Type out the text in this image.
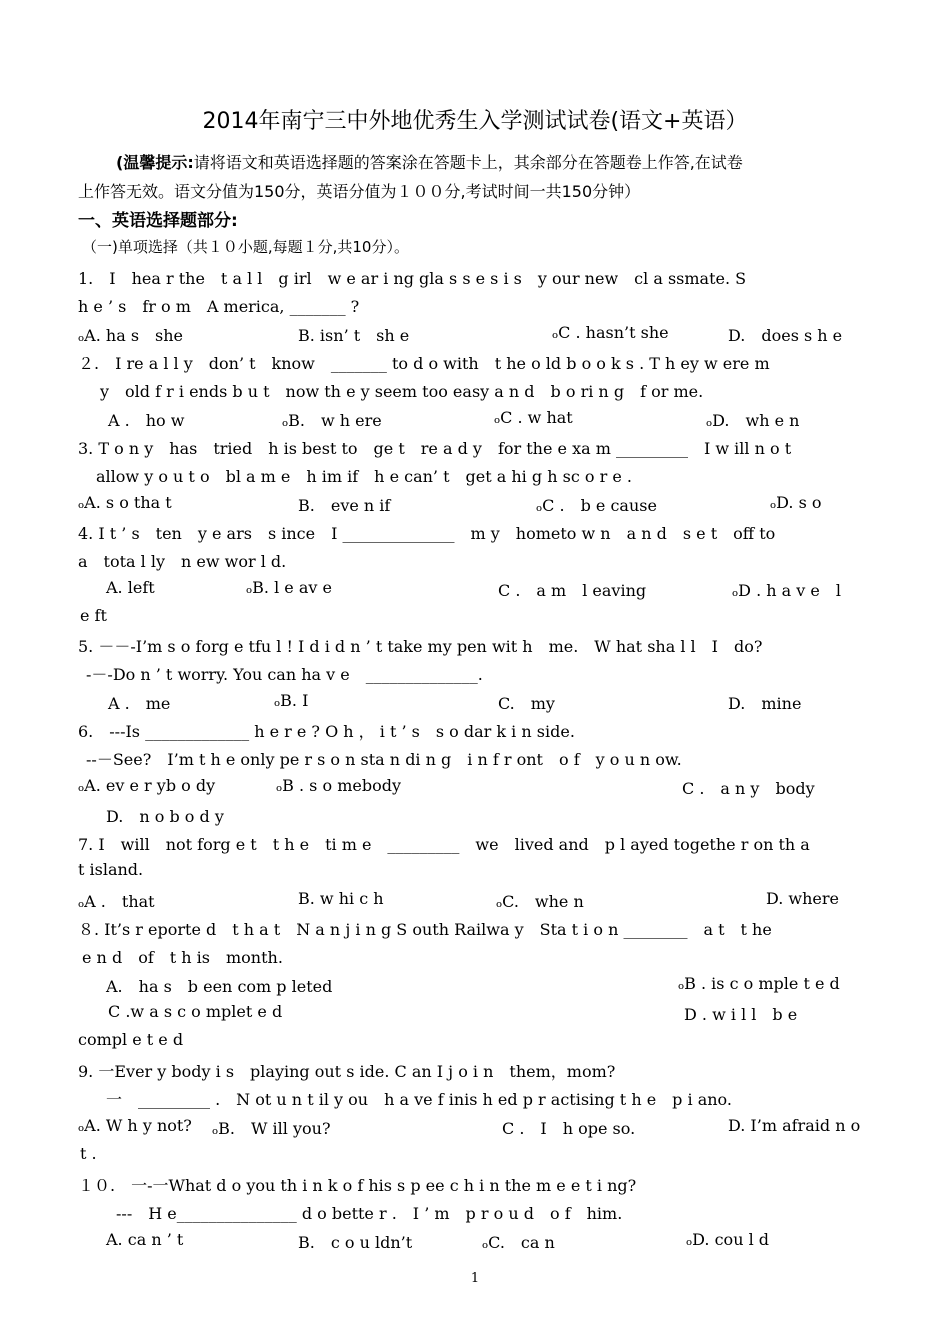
2014年南宁三中外地优秀生入学测试试卷(语文+英语）
(温馨提示:请将语文和英语选择题的答案涂在答题卡上，其余部分在答题卷上作答,在试卷
上作答无效。语文分值为150分，英语分值为１００分,考试时间一共150分钟）
一、英语选择题部分:
（一)单项选择（共１０小题,每题１分,共10分）。
1.　I　hea r the　t a l l　g irl　w e ar i ng gla s s e s i s　y our new　cl a ssmate. S
h e ’ s　fr o m　A merica, _______ ?
ₒA. ha s　she	B. isn’ t　sh e	ₒC . hasn’t she	D.　does s h e
２.　I re a l l y　don’ t　know　_______ to d o with　t he o ld b o o k s . T h ey w ere m
y　old f r i ends b u t　now th e y seem too easy a n d　b o ri n g　f or me.
A .　ho w	ₒB.　w h ere	ₒC . w hat	ₒD.　wh e n
3. T o n y　has　tried　h is best to　ge t　re a d y　for the e xa m _________　I w ill n o t
allow y o u t o　bl a m e　h im if　h e can’ t　get a hi g h sc o r e .
ₒA. s o tha t	B.　eve n if	ₒC .　b e cause	ₒD. s o
4. I t ’ s　ten　y e ars　s ince　I ______________　m y　hometo w n　a n d　s e t　off to
a　tota l ly　n ew wor l d.
A. left	ₒB. l e av e	C .　a m　l eaving	ₒD . h a v e　l
e ft
5. －－-I’m s o forg e tfu l ! I d i d n ’ t take my pen wit h　me.　W hat sha l l　I　do?
-－-Do n ’ t worry. You can ha v e　______________.
A .　me	ₒB. I	C.　my	D.　mine
6.　---Is _____________ h e r e ? O h ， i t ’ s　s o dar k i n side.
--－See?　I’m t h e only pe r s o n sta n di n g　i n f r ont　o f　y o u n ow.
ₒA. ev e r yb o dy	ₒB . s o mebody	C .　a n y　body
D.　n o b o d y
7. I　will　not forg e t　t h e　ti m e　_________　we　lived and　p l ayed togethe r on th a
t island.
ₒA .　that	B. w hi c h	ₒC.　whe n	D. where
８. It’s r eporte d　t h a t　N a n j i n g S outh Railwa y　Sta t i o n ________　a t　t he
e n d　of　t h is　month.
A.　ha s　b een com p leted	ₒB . is c o mple t e d
C .w a s c o mplet e d	D . w i l l　b e
compl e t e d
9. 一Ever y body i s　playing out s ide. C an I j o i n　them，mom?
一　_________ .　N ot u n t il y ou　h a ve f inis h ed p r actising t h e　p i ano.
ₒA. W h y not? ₒB.　W ill you?	C .　I　h ope so.	D. I’m afraid n o
t .
１０.　一-一What d o you th i n k o f his s p ee c h i n the m e e t i ng?
---　H e_______________ d o bette r .　I ’ m　p r o u d　o f　him.
A. ca n ’ t	B.　c o u ldn’t	ₒC.　ca n	ₒD. cou l d
1
